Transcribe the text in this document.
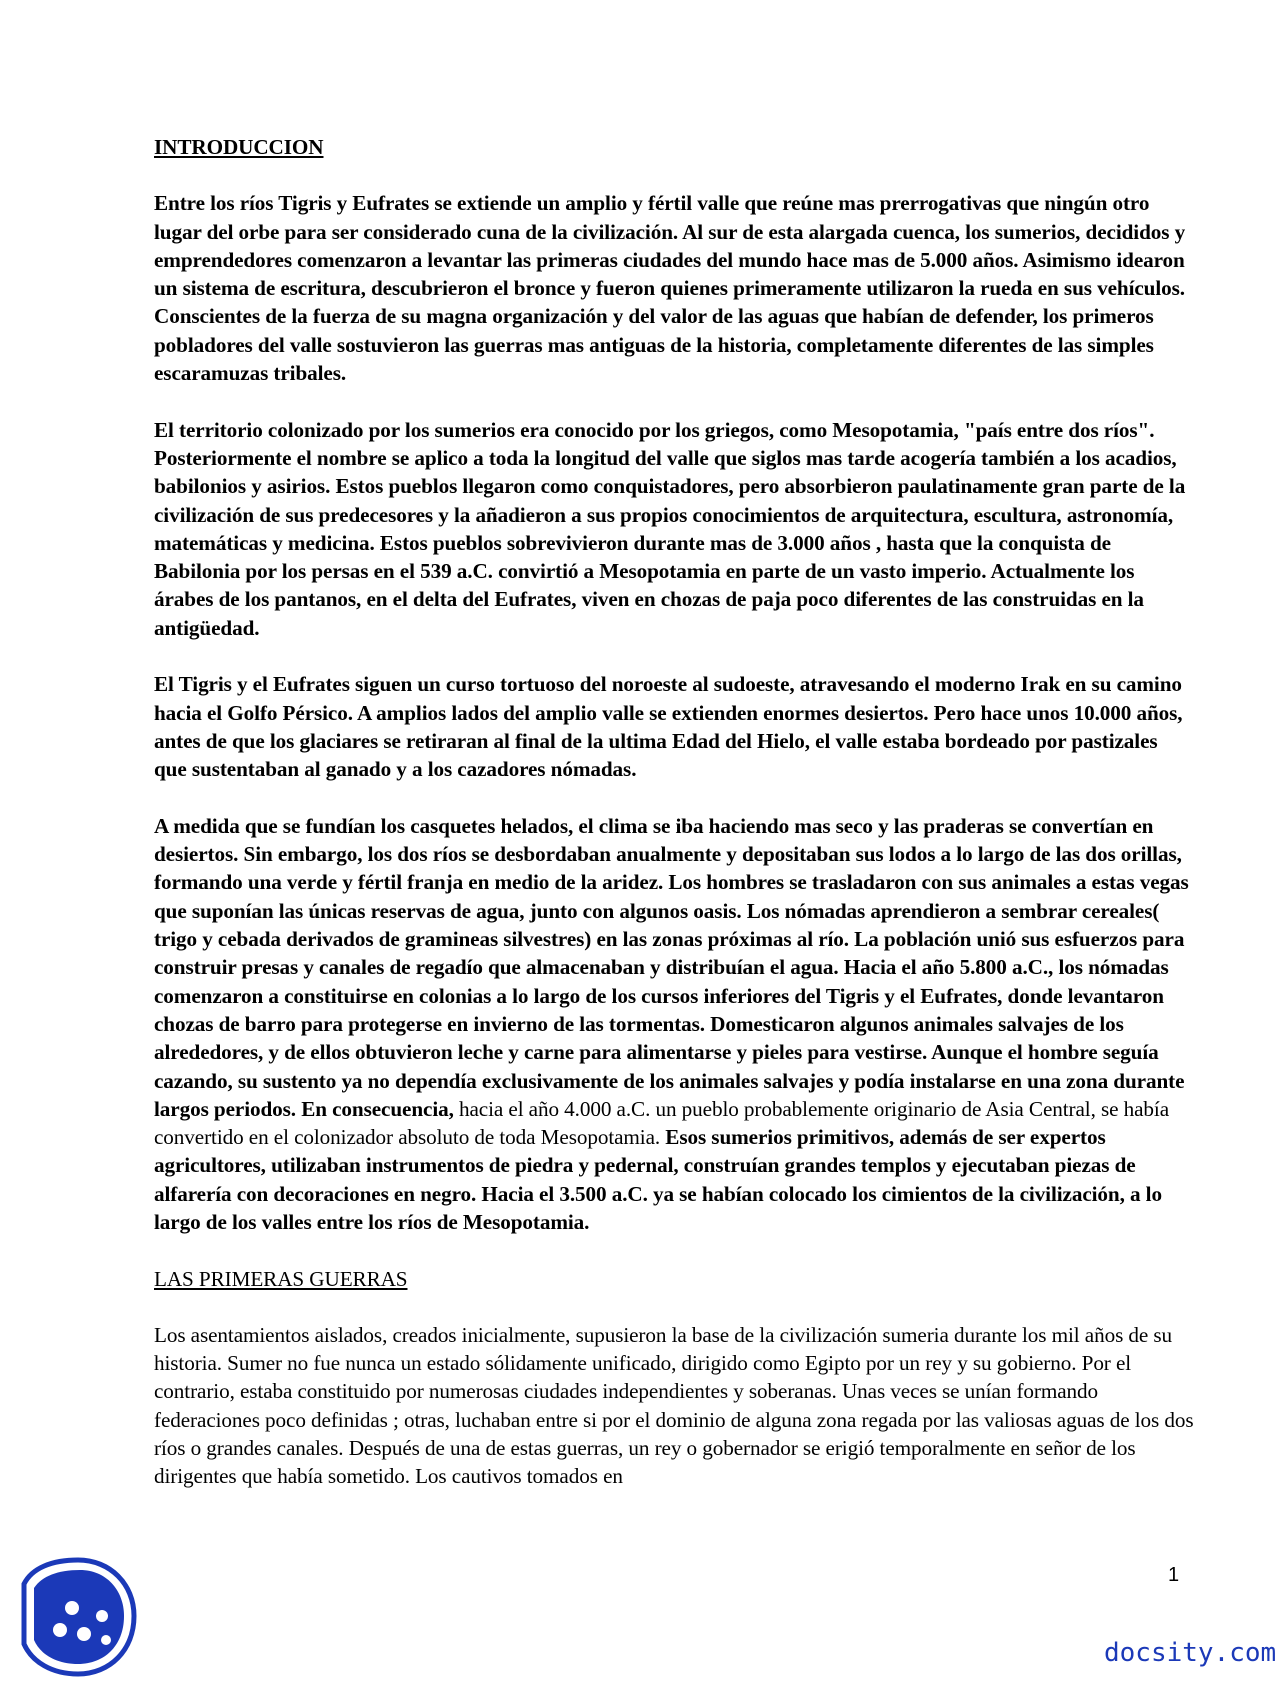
INTRODUCCION

Entre los ríos Tigris y Eufrates se extiende un amplio y fértil valle que reúne mas prerrogativas que ningún otro lugar del orbe para ser considerado cuna de la civilización. Al sur de esta alargada cuenca, los sumerios, decididos y emprendedores comenzaron a levantar las primeras ciudades del mundo hace mas de 5.000 años. Asimismo idearon un sistema de escritura, descubrieron el bronce y fueron quienes primeramente utilizaron la rueda en sus vehículos. Conscientes de la fuerza de su magna organización y del valor de las aguas que habían de defender, los primeros pobladores del valle sostuvieron las guerras mas antiguas de la historia, completamente diferentes de las simples escaramuzas tribales.

El territorio colonizado por los sumerios era conocido por los griegos, como Mesopotamia, "país entre dos ríos". Posteriormente el nombre se aplico a toda la longitud del valle que siglos mas tarde acogería también a los acadios, babilonios y asirios. Estos pueblos llegaron como conquistadores, pero absorbieron paulatinamente gran parte de la civilización de sus predecesores y la añadieron a sus propios conocimientos de arquitectura, escultura, astronomía, matemáticas y medicina. Estos pueblos sobrevivieron durante mas de 3.000 años , hasta que la conquista de Babilonia por los persas en el 539 a.C. convirtió a Mesopotamia en parte de un vasto imperio. Actualmente los árabes de los pantanos, en el delta del Eufrates, viven en chozas de paja poco diferentes de las construidas en la antigüedad.

El Tigris y el Eufrates siguen un curso tortuoso del noroeste al sudoeste, atravesando el moderno Irak en su camino hacia el Golfo Pérsico. A amplios lados del amplio valle se extienden enormes desiertos. Pero hace unos 10.000 años, antes de que los glaciares se retiraran al final de la ultima Edad del Hielo, el valle estaba bordeado por pastizales que sustentaban al ganado y a los cazadores nómadas.

A medida que se fundían los casquetes helados, el clima se iba haciendo mas seco y las praderas se convertían en desiertos. Sin embargo, los dos ríos se desbordaban anualmente y depositaban sus lodos a lo largo de las dos orillas, formando una verde y fértil franja en medio de la aridez. Los hombres se trasladaron con sus animales a estas vegas que suponían las únicas reservas de agua, junto con algunos oasis. Los nómadas aprendieron a sembrar cereales( trigo y cebada derivados de gramineas silvestres) en las zonas próximas al río. La población unió sus esfuerzos para construir presas y canales de regadío que almacenaban y distribuían el agua. Hacia el año 5.800 a.C., los nómadas comenzaron a constituirse en colonias a lo largo de los cursos inferiores del Tigris y el Eufrates, donde levantaron chozas de barro para protegerse en invierno de las tormentas. Domesticaron algunos animales salvajes de los alrededores, y de ellos obtuvieron leche y carne para alimentarse y pieles para vestirse. Aunque el hombre seguía cazando, su sustento ya no dependía exclusivamente de los animales salvajes y podía instalarse en una zona durante largos periodos. En consecuencia, hacia el año 4.000 a.C. un pueblo probablemente originario de Asia Central, se había convertido en el colonizador absoluto de toda Mesopotamia. Esos sumerios primitivos, además de ser expertos agricultores, utilizaban instrumentos de piedra y pedernal, construían grandes templos y ejecutaban piezas de alfarería con decoraciones en negro. Hacia el 3.500 a.C. ya se habían colocado los cimientos de la civilización, a lo largo de los valles entre los ríos de Mesopotamia.

LAS PRIMERAS GUERRAS

Los asentamientos aislados, creados inicialmente, supusieron la base de la civilización sumeria durante los mil años de su historia. Sumer no fue nunca un estado sólidamente unificado, dirigido como Egipto por un rey y su gobierno. Por el contrario, estaba constituido por numerosas ciudades independientes y soberanas. Unas veces se unían formando federaciones poco definidas ; otras, luchaban entre si por el dominio de alguna zona regada por las valiosas aguas de los dos ríos o grandes canales. Después de una de estas guerras, un rey o gobernador se erigió temporalmente en señor de los dirigentes que había sometido. Los cautivos tomados en

1
docsity.com
